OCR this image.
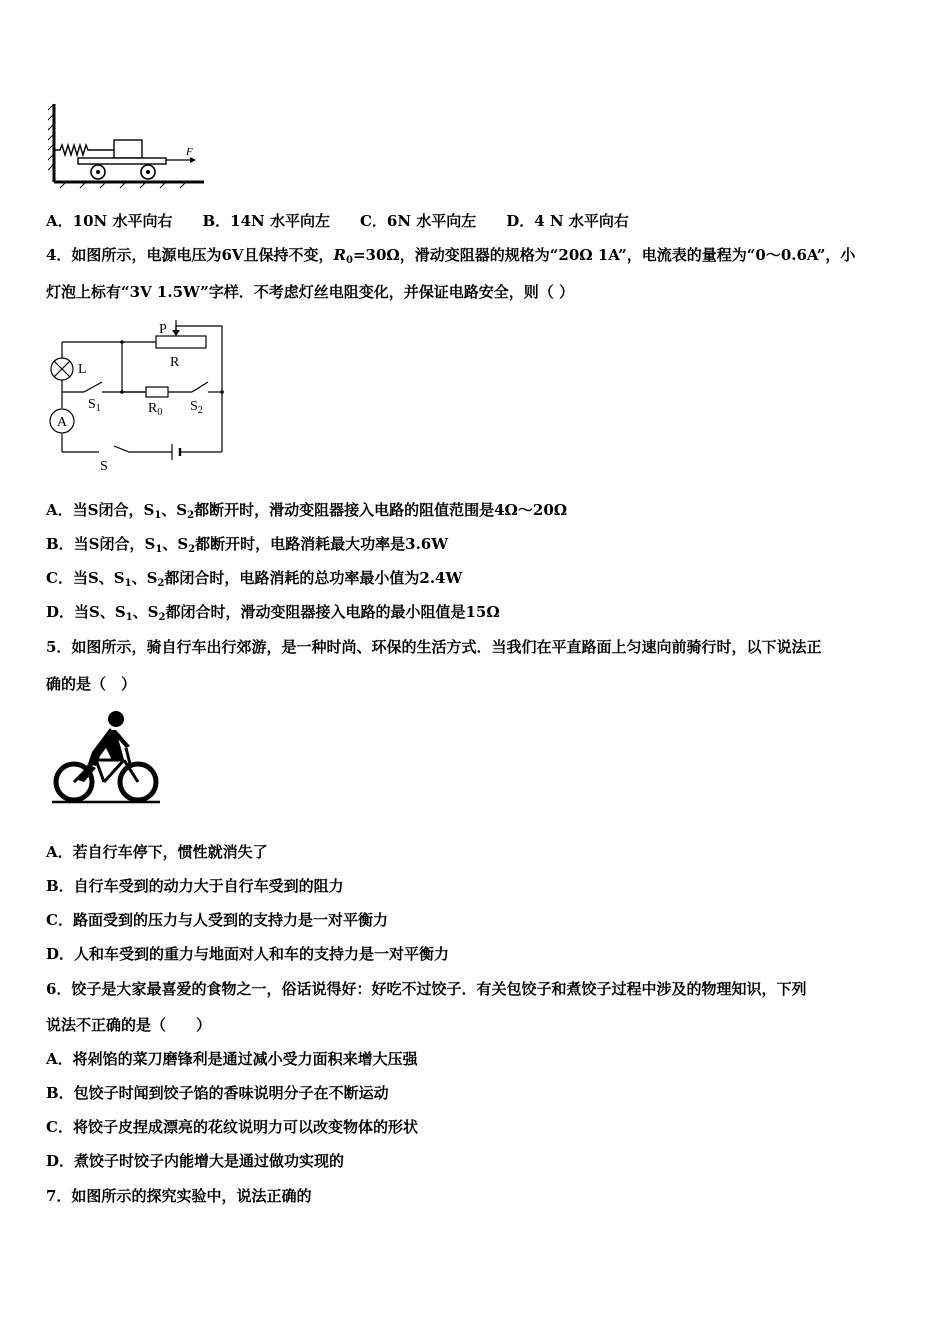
F
A．10N 水平向右 B．14N 水平向左 C．6N 水平向左 D．4 N 水平向右
4．如图所示，电源电压为6V且保持不变，$R_0=30\Omega$，滑动变阻器的规格为“20Ω 1A”，电流表的量程为“0～0.6A”，小
灯泡上标有“3V 1.5W”字样．不考虑灯丝电阻变化，并保证电路安全，则（ ）
P
R
L
$S_1$	$R_0$ $S_2$
A
S
A．当S闭合，$S_1$、$S_2$都断开时，滑动变阻器接入电路的阻值范围是4Ω～20Ω
B．当S闭合，$S_1$、$S_2$都断开时，电路消耗最大功率是3.6W
C．当S、$S_1$、$S_2$都闭合时，电路消耗的总功率最小值为2.4W
D．当S、$S_1$、$S_2$都闭合时，滑动变阻器接入电路的最小阻值是15Ω
5．如图所示，骑自行车出行郊游，是一种时尚、环保的生活方式．当我们在平直路面上匀速向前骑行时，以下说法正
确的是（　）
A．若自行车停下，惯性就消失了
B．自行车受到的动力大于自行车受到的阻力
C．路面受到的压力与人受到的支持力是一对平衡力
D．人和车受到的重力与地面对人和车的支持力是一对平衡力
6．饺子是大家最喜爱的食物之一，俗话说得好：好吃不过饺子．有关包饺子和煮饺子过程中涉及的物理知识，下列
说法不正确的是（　　）
A．将剁馅的菜刀磨锋利是通过减小受力面积来增大压强
B．包饺子时闻到饺子馅的香味说明分子在不断运动
C．将饺子皮捏成漂亮的花纹说明力可以改变物体的形状
D．煮饺子时饺子内能增大是通过做功实现的
7．如图所示的探究实验中，说法正确的
